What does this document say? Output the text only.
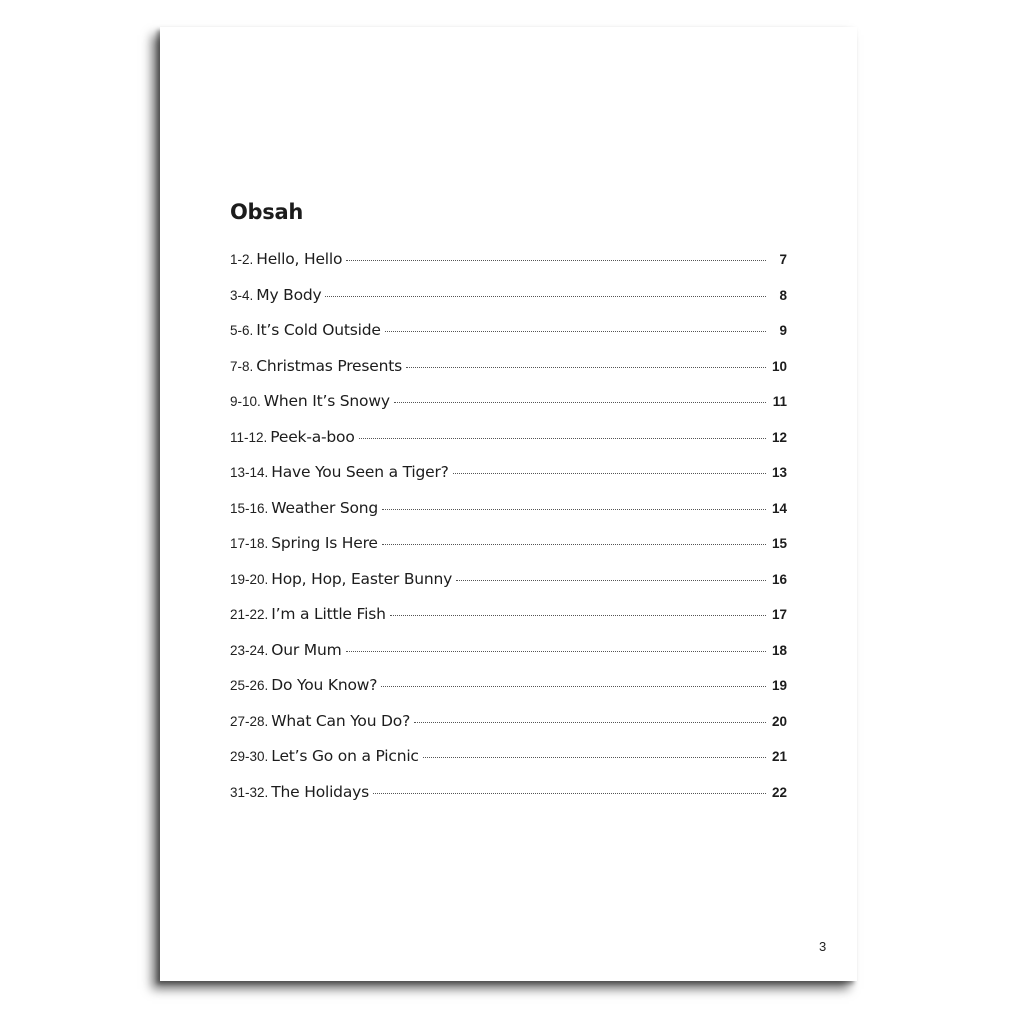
Obsah
1-2. Hello, Hello	7
3-4. My Body	8
5-6. It’s Cold Outside	9
7-8. Christmas Presents	10
9-10. When It’s Snowy	11
11-12. Peek-a-boo	12
13-14. Have You Seen a Tiger?	13
15-16. Weather Song	14
17-18. Spring Is Here	15
19-20. Hop, Hop, Easter Bunny	16
21-22. I’m a Little Fish	17
23-24. Our Mum	18
25-26. Do You Know?	19
27-28. What Can You Do?	20
29-30. Let’s Go on a Picnic	21
31-32. The Holidays	22
3
